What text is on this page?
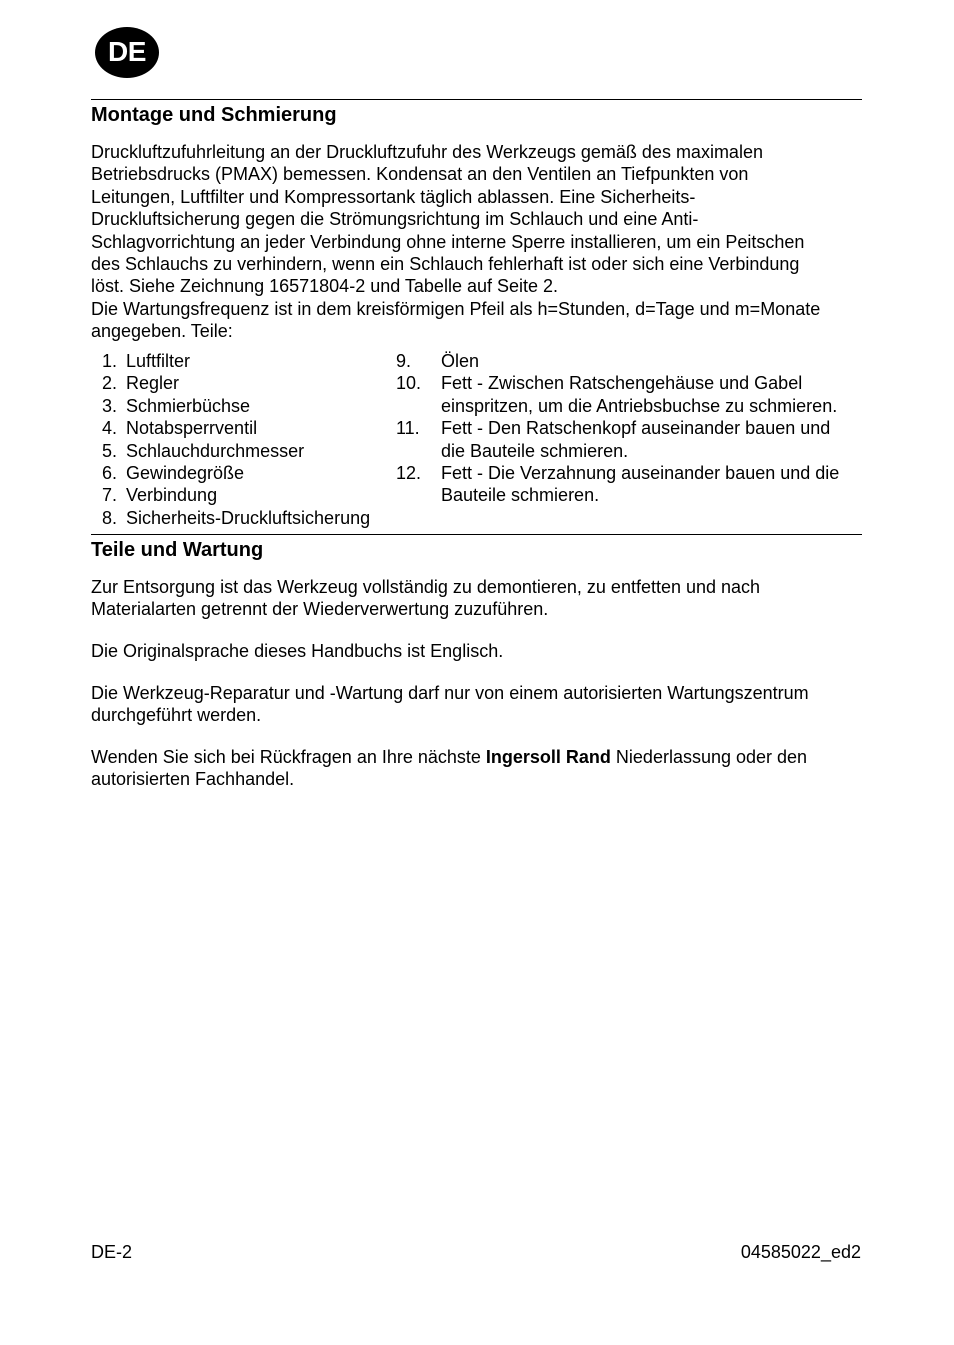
DE
Montage und Schmierung

Druckluftzufuhrleitung an der Druckluftzufuhr des Werkzeugs gemäß des maximalen
Betriebsdrucks (PMAX) bemessen. Kondensat an den Ventilen an Tiefpunkten von
Leitungen, Luftfilter und Kompressortank täglich ablassen. Eine Sicherheits-
Druckluftsicherung gegen die Strömungsrichtung im Schlauch und eine Anti-
Schlagvorrichtung an jeder Verbindung ohne interne Sperre installieren, um ein Peitschen
des Schlauchs zu verhindern, wenn ein Schlauch fehlerhaft ist oder sich eine Verbindung
löst. Siehe Zeichnung 16571804-2 und Tabelle auf Seite 2.
Die Wartungsfrequenz ist in dem kreisförmigen Pfeil als h=Stunden, d=Tage und m=Monate
angegeben. Teile:

1. Luftfilter
2. Regler
3. Schmierbüchse
4. Notabsperrventil
5. Schlauchdurchmesser
6. Gewindegröße
7. Verbindung
8. Sicherheits-Druckluftsicherung
9.	Ölen
10.	Fett - Zwischen Ratschengehäuse und Gabel
einspritzen, um die Antriebsbuchse zu schmieren.
11.	Fett - Den Ratschenkopf auseinander bauen und
die Bauteile schmieren.
12.	Fett - Die Verzahnung auseinander bauen und die
Bauteile schmieren.
Teile und Wartung

Zur Entsorgung ist das Werkzeug vollständig zu demontieren, zu entfetten und nach
Materialarten getrennt der Wiederverwertung zuzuführen.

Die Originalsprache dieses Handbuchs ist Englisch.

Die Werkzeug-Reparatur und -Wartung darf nur von einem autorisierten Wartungszentrum
durchgeführt werden.

Wenden Sie sich bei Rückfragen an Ihre nächste Ingersoll Rand Niederlassung oder den
autorisierten Fachhandel.

DE-2	04585022_ed2
